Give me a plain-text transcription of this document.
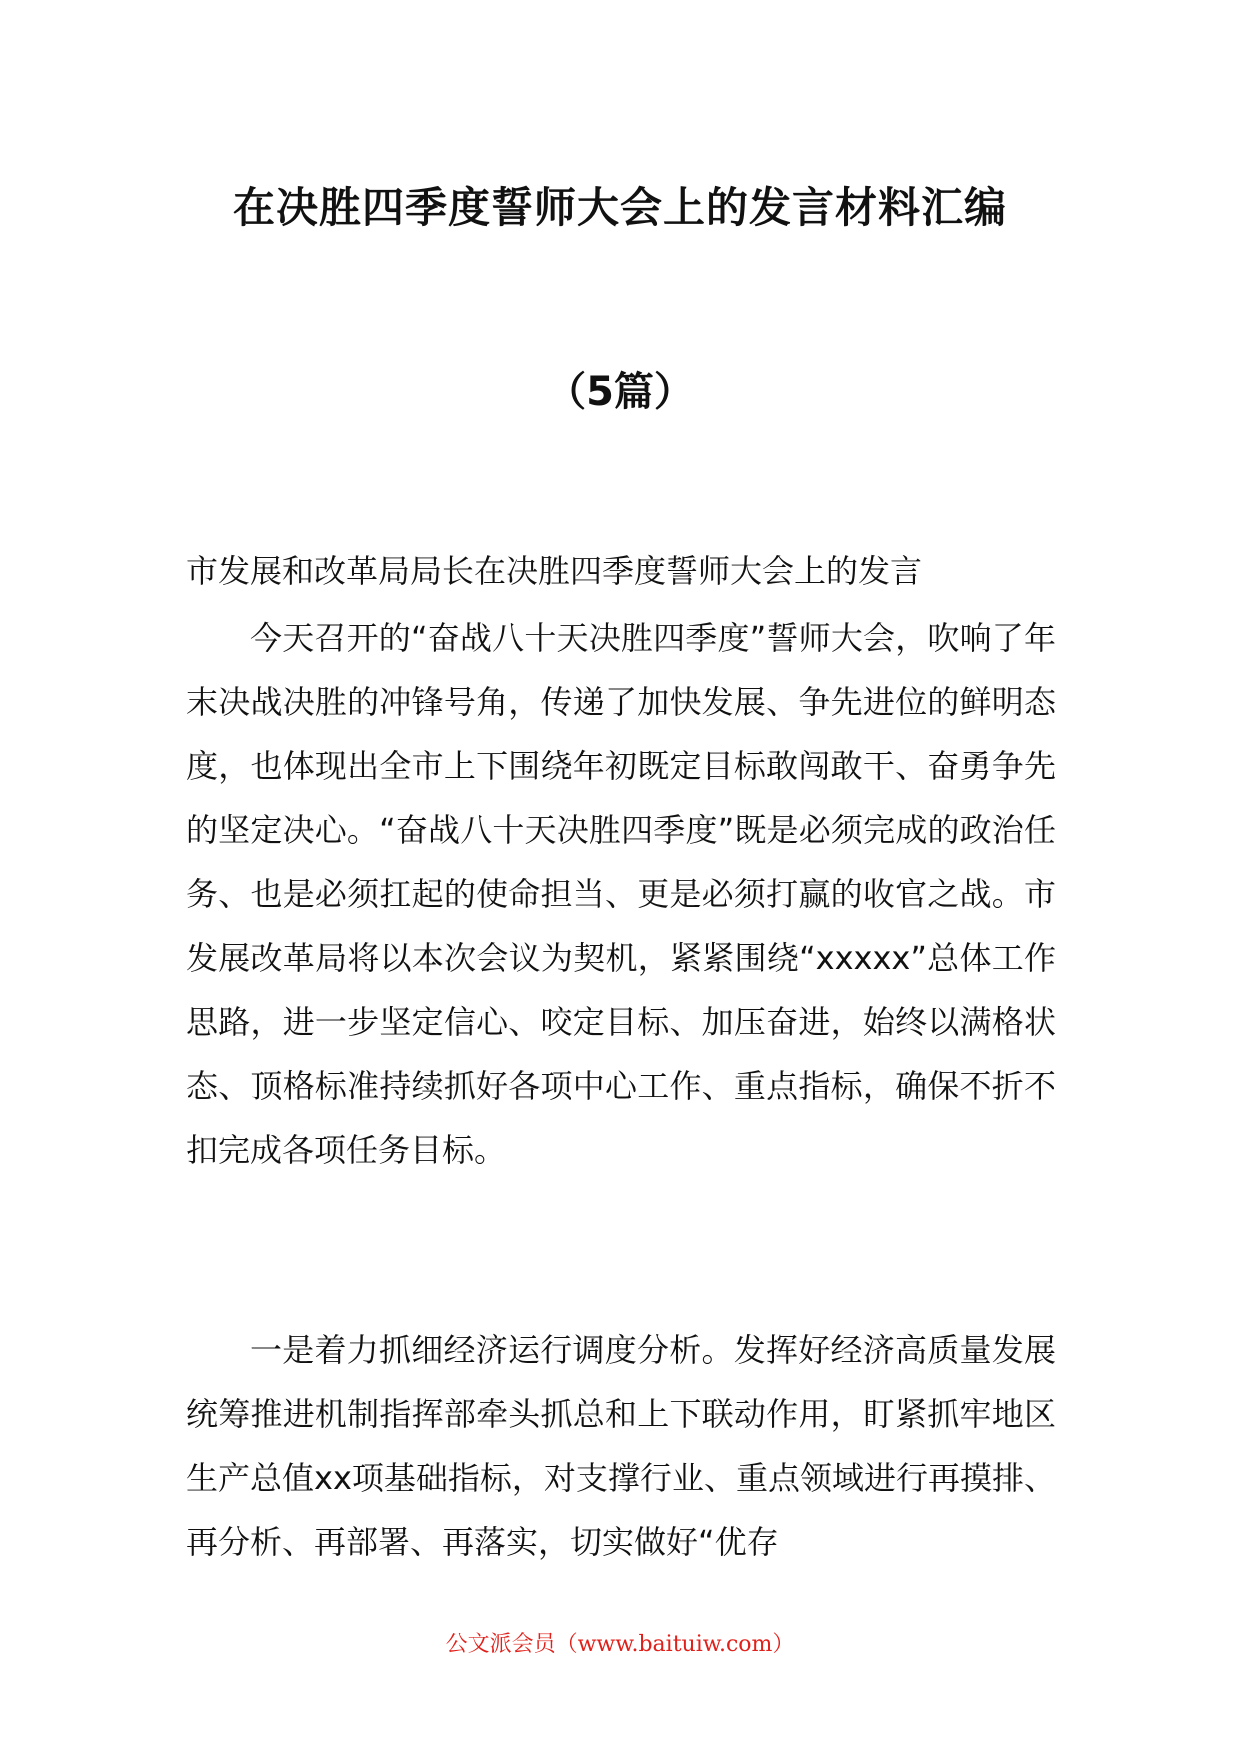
在决胜四季度誓师大会上的发言材料汇编
（5篇）

市发展和改革局局长在决胜四季度誓师大会上的发言

今天召开的“奋战八十天决胜四季度”誓师大会，吹响了年末决战决胜的冲锋号角，传递了加快发展、争先进位的鲜明态度，也体现出全市上下围绕年初既定目标敢闯敢干、奋勇争先的坚定决心。“奋战八十天决胜四季度”既是必须完成的政治任务、也是必须扛起的使命担当、更是必须打赢的收官之战。市发展改革局将以本次会议为契机，紧紧围绕“xxxxx”总体工作思路，进一步坚定信心、咬定目标、加压奋进，始终以满格状态、顶格标准持续抓好各项中心工作、重点指标，确保不折不扣完成各项任务目标。

一是着力抓细经济运行调度分析。发挥好经济高质量发展统筹推进机制指挥部牵头抓总和上下联动作用，盯紧抓牢地区生产总值xx项基础指标，对支撑行业、重点领域进行再摸排、再分析、再部署、再落实，切实做好“优存

公文派会员（www.baituiw.com）
